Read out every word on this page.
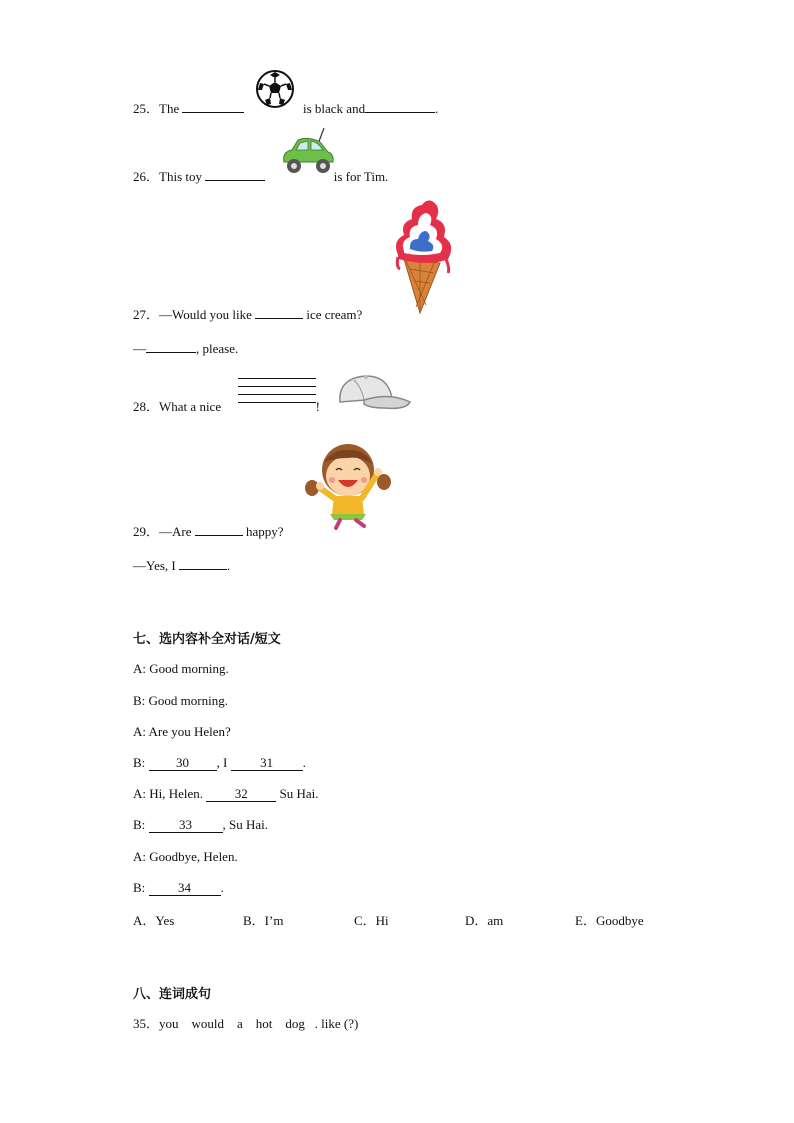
25．The	is black and	.
26．This toy	is for Tim.
27．—Would you like	ice cream?
—	, please.
28．What a nice	!
29．—Are	happy?
—Yes, I	.
七、选内容补全对话/短文
A: Good morning.
B: Good morning.
A: Are you Helen?
B: 30 , I 31 .
A: Hi, Helen. 32 Su Hai.
B: 33 , Su Hai.
A: Goodbye, Helen.
B: 34 .
A．Yes	B．I’m	C．Hi	D．am	E．Goodbye
八、连词成句
35．you    would    a    hot    dog   . like (?)
